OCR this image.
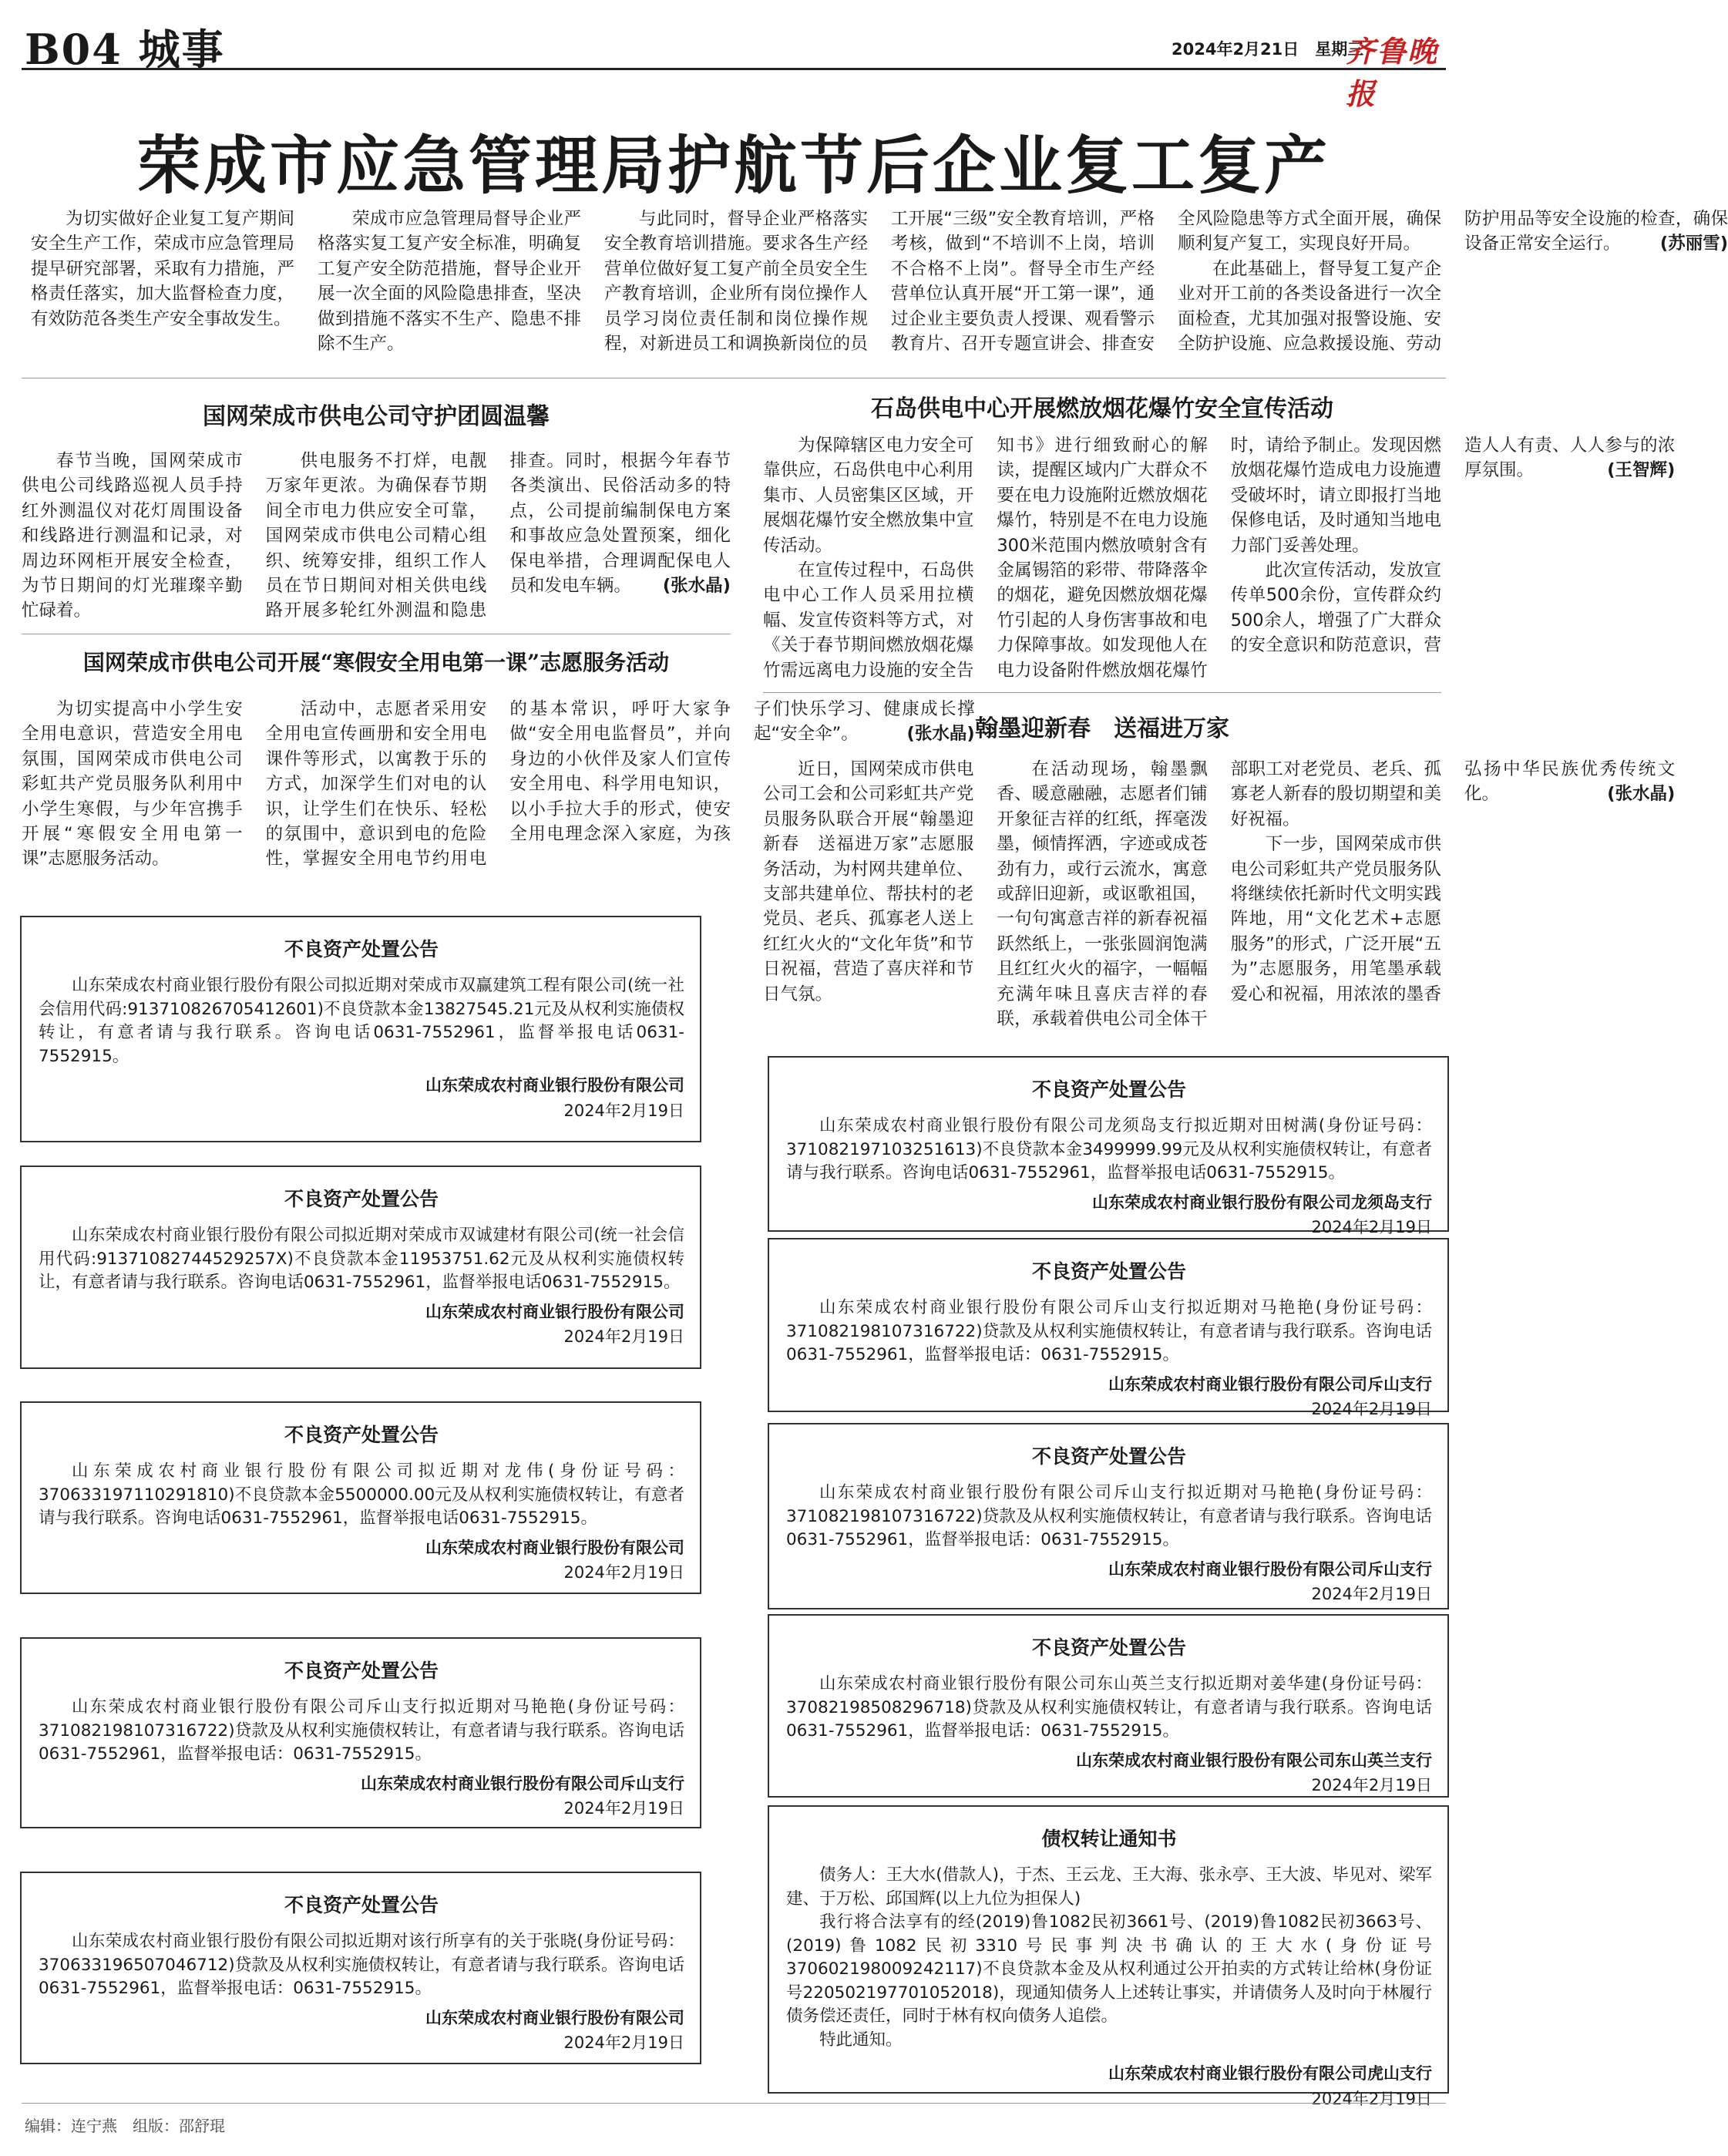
B04 城事	2024年2月21日　星期三
齐鲁晚报
荣成市应急管理局护航节后企业复工复产

为切实做好企业复工复产期间安全生产工作，荣成市应急管理局提早研究部署，采取有力措施，严格责任落实，加大监督检查力度，有效防范各类生产安全事故发生。

荣成市应急管理局督导企业严格落实复工复产安全标准，明确复工复产安全防范措施，督导企业开展一次全面的风险隐患排查，坚决做到措施不落实不生产、隐患不排除不生产。

与此同时，督导企业严格落实安全教育培训措施。要求各生产经营单位做好复工复产前全员安全生产教育培训，企业所有岗位操作人员学习岗位责任制和岗位操作规程，对新进员工和调换新岗位的员工开展“三级”安全教育培训，严格考核，做到“不培训不上岗，培训不合格不上岗”。督导全市生产经营单位认真开展“开工第一课”，通过企业主要负责人授课、观看警示教育片、召开专题宣讲会、排查安全风险隐患等方式全面开展，确保顺利复产复工，实现良好开局。

在此基础上，督导复工复产企业对开工前的各类设备进行一次全面检查，尤其加强对报警设施、安全防护设施、应急救援设施、劳动防护用品等安全设施的检查，确保设备正常安全运行。 (苏丽雪)

国网荣成市供电公司守护团圆温馨

春节当晚，国网荣成市供电公司线路巡视人员手持红外测温仪对花灯周围设备和线路进行测温和记录，对周边环网柜开展安全检查，为节日期间的灯光璀璨辛勤忙碌着。

供电服务不打烊，电靓万家年更浓。为确保春节期间全市电力供应安全可靠，国网荣成市供电公司精心组织、统筹安排，组织工作人员在节日期间对相关供电线路开展多轮红外测温和隐患排查。同时，根据今年春节各类演出、民俗活动多的特点，公司提前编制保电方案和事故应急处置预案，细化保电举措，合理调配保电人员和发电车辆。 (张水晶)

国网荣成市供电公司开展“寒假安全用电第一课”志愿服务活动

为切实提高中小学生安全用电意识，营造安全用电氛围，国网荣成市供电公司彩虹共产党员服务队利用中小学生寒假，与少年宫携手开展“寒假安全用电第一课”志愿服务活动。

活动中，志愿者采用安全用电宣传画册和安全用电课件等形式，以寓教于乐的方式，加深学生们对电的认识，让学生们在快乐、轻松的氛围中，意识到电的危险性，掌握安全用电节约用电的基本常识，呼吁大家争做“安全用电监督员”，并向身边的小伙伴及家人们宣传安全用电、科学用电知识，以小手拉大手的形式，使安全用电理念深入家庭，为孩子们快乐学习、健康成长撑起“安全伞”。	(张水晶)

石岛供电中心开展燃放烟花爆竹安全宣传活动

为保障辖区电力安全可靠供应，石岛供电中心利用集市、人员密集区区域，开展烟花爆竹安全燃放集中宣传活动。

在宣传过程中，石岛供电中心工作人员采用拉横幅、发宣传资料等方式，对《关于春节期间燃放烟花爆竹需远离电力设施的安全告知书》进行细致耐心的解读，提醒区域内广大群众不要在电力设施附近燃放烟花爆竹，特别是不在电力设施300米范围内燃放喷射含有金属锡箔的彩带、带降落伞的烟花，避免因燃放烟花爆竹引起的人身伤害事故和电力保障事故。如发现他人在电力设备附件燃放烟花爆竹时，请给予制止。发现因燃放烟花爆竹造成电力设施遭受破坏时，请立即报打当地保修电话，及时通知当地电力部门妥善处理。

此次宣传活动，发放宣传单500余份，宣传群众约500余人，增强了广大群众的安全意识和防范意识，营造人人有责、人人参与的浓厚氛围。	(王智辉)

翰墨迎新春　送福进万家

近日，国网荣成市供电公司工会和公司彩虹共产党员服务队联合开展“翰墨迎新春　送福进万家”志愿服务活动，为村网共建单位、支部共建单位、帮扶村的老党员、老兵、孤寡老人送上红红火火的“文化年货”和节日祝福，营造了喜庆祥和节日气氛。

在活动现场，翰墨飘香、暖意融融，志愿者们铺开象征吉祥的红纸，挥毫泼墨，倾情挥洒，字迹或成苍劲有力，或行云流水，寓意或辞旧迎新，或讴歌祖国，一句句寓意吉祥的新春祝福跃然纸上，一张张圆润饱满且红红火火的福字，一幅幅充满年味且喜庆吉祥的春联，承载着供电公司全体干部职工对老党员、老兵、孤寡老人新春的殷切期望和美好祝福。

下一步，国网荣成市供电公司彩虹共产党员服务队将继续依托新时代文明实践阵地，用“文化艺术+志愿服务”的形式，广泛开展“五为”志愿服务，用笔墨承载爱心和祝福，用浓浓的墨香弘扬中华民族优秀传统文化。	(张水晶)

不良资产处置公告
山东荣成农村商业银行股份有限公司拟近期对荣成市双赢建筑工程有限公司(统一社会信用代码:913710826705412601)不良贷款本金13827545.21元及从权利实施债权转让，有意者请与我行联系。咨询电话0631-7552961，监督举报电话0631-7552915。
山东荣成农村商业银行股份有限公司
2024年2月19日
不良资产处置公告
山东荣成农村商业银行股份有限公司拟近期对荣成市双诚建材有限公司(统一社会信用代码:9137108274452925​7X)不良贷款本金11953751.62元及从权利实施债权转让，有意者请与我行联系。咨询电话0631-7552961，监督举报电话0631-7552915。
山东荣成农村商业银行股份有限公司
2024年2月19日
不良资产处置公告
山东荣成农村商业银行股份有限公司拟近期对龙伟(身份证号码：370633197110291810)不良贷款本金5500000.00元及从权利实施债权转让，有意者请与我行联系。咨询电话0631-7552961，监督举报电话0631-7552915。
山东荣成农村商业银行股份有限公司
2024年2月19日
不良资产处置公告
山东荣成农村商业银行股份有限公司斥山支行拟近期对马艳艳(身份证号码：371082198107316722)贷款及从权利实施债权转让，有意者请与我行联系。咨询电话0631-7552961，监督举报电话：0631-7552915。
山东荣成农村商业银行股份有限公司斥山支行
2024年2月19日
不良资产处置公告
山东荣成农村商业银行股份有限公司拟近期对该行所享有的关于张晓(身份证号码：370633196507046712)贷款及从权利实施债权转让，有意者请与我行联系。咨询电话0631-7552961，监督举报电话：0631-7552915。
山东荣成农村商业银行股份有限公司
2024年2月19日
不良资产处置公告
山东荣成农村商业银行股份有限公司龙须岛支行拟近期对田树满(身份证号码：371082197103251613)不良贷款本金3499999.99元及从权利实施债权转让，有意者请与我行联系。咨询电话0631-7552961，监督举报电话0631-7552915。
山东荣成农村商业银行股份有限公司龙须岛支行
2024年2月19日
不良资产处置公告
山东荣成农村商业银行股份有限公司斥山支行拟近期对马艳艳(身份证号码：371082198107316722)贷款及从权利实施债权转让，有意者请与我行联系。咨询电话0631-7552961，监督举报电话：0631-7552915。
山东荣成农村商业银行股份有限公司斥山支行
2024年2月19日
不良资产处置公告
山东荣成农村商业银行股份有限公司斥山支行拟近期对马艳艳(身份证号码：371082198107316722)贷款及从权利实施债权转让，有意者请与我行联系。咨询电话0631-7552961，监督举报电话：0631-7552915。
山东荣成农村商业银行股份有限公司斥山支行
2024年2月19日
不良资产处置公告
山东荣成农村商业银行股份有限公司东山英兰支行拟近期对姜华建(身份证号码：370821985082967​18)贷款及从权利实施债权转让，有意者请与我行联系。咨询电话0631-7552961，监督举报电话：0631-7552915。
山东荣成农村商业银行股份有限公司东山英兰支行
2024年2月19日
债权转让通知书
债务人：王大水(借款人)，于杰、王云龙、王大海、张永亭、王大波、毕见对、梁军建、于万松、邱国辉(以上九位为担保人)
我行将合法享有的经(2019)鲁1082民初3661号、(2019)鲁1082民初3663号、(2019)鲁1082民初3310号民事判决书确认的王大水(身份证号370602198009242117)不良贷款本金及从权利通过公开拍卖的方式转让给林(身份证号220502197701052018)，现通知债务人上述转让事实，并请债务人及时向于林履行债务偿还责任，同时于林有权向债务人追偿。
特此通知。
山东荣成农村商业银行股份有限公司虎山支行
2024年2月19日
编辑：连宁燕　组版：邵舒琨
